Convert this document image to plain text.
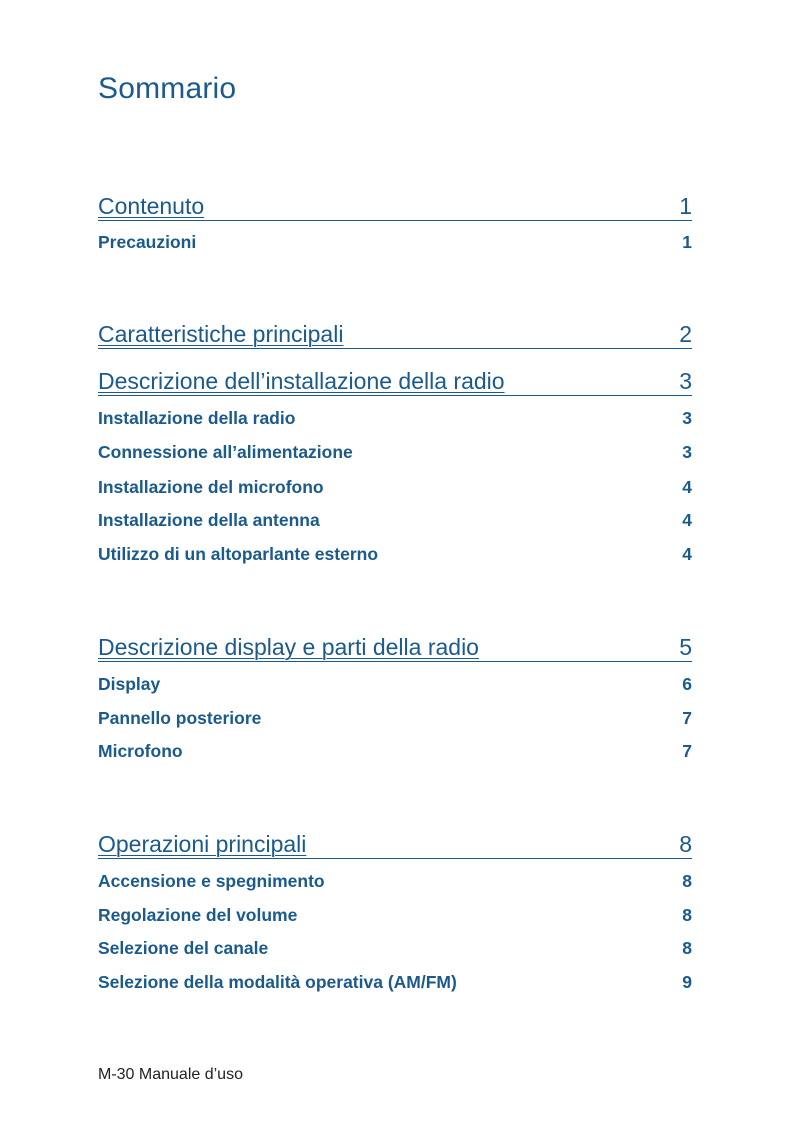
Sommario
Contenuto	1
Precauzioni	1
Caratteristiche principali	2
Descrizione dell’installazione della radio	3
Installazione della radio	3
Connessione all’alimentazione	3
Installazione del microfono	4
Installazione della antenna	4
Utilizzo di un altoparlante esterno	4
Descrizione display e parti della radio	5
Display	6
Pannello posteriore	7
Microfono	7
Operazioni principali	8
Accensione e spegnimento	8
Regolazione del volume	8
Selezione del canale	8
Selezione della modalità operativa (AM/FM)	9
M-30 Manuale d’uso
